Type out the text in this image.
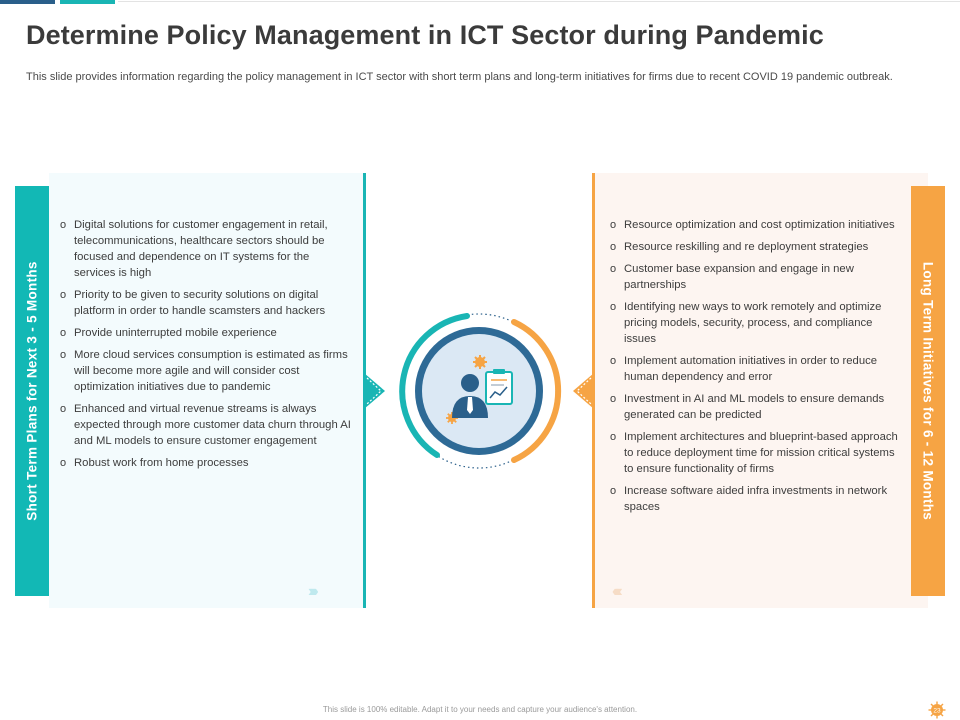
Determine Policy Management in ICT Sector during Pandemic
This slide provides information regarding the policy management in ICT sector with short term plans and long-term initiatives for firms due to recent COVID 19 pandemic outbreak.
Short Term Plans for Next 3 - 5 Months
o Digital solutions for customer engagement in retail, telecommunications, healthcare sectors should be focused and dependence on IT systems for the services is high
o Priority to be given to security solutions on digital platform in order to handle scamsters and hackers
o Provide uninterrupted mobile experience
o More cloud services consumption is estimated as firms will become more agile and will consider cost optimization initiatives due to pandemic
o Enhanced and virtual revenue streams is always expected through more customer data churn through AI and ML models to ensure customer engagement
o Robust work from home processes
›››››
Long Term Initiatives for 6 - 12 Months
o Resource optimization and cost optimization initiatives
o Resource reskilling and re deployment strategies
o Customer base expansion and engage in new partnerships
o Identifying new ways to work remotely and optimize pricing models, security, process, and compliance issues
o Implement automation initiatives in order to reduce human dependency and error
o Investment in AI and ML models to ensure demands generated can be predicted
o Implement architectures and blueprint-based approach to reduce deployment time for mission critical systems to ensure functionality of firms
o Increase software aided infra investments in network spaces
‹‹‹‹‹
This slide is 100% editable. Adapt it to your needs and capture your audience's attention.	23
